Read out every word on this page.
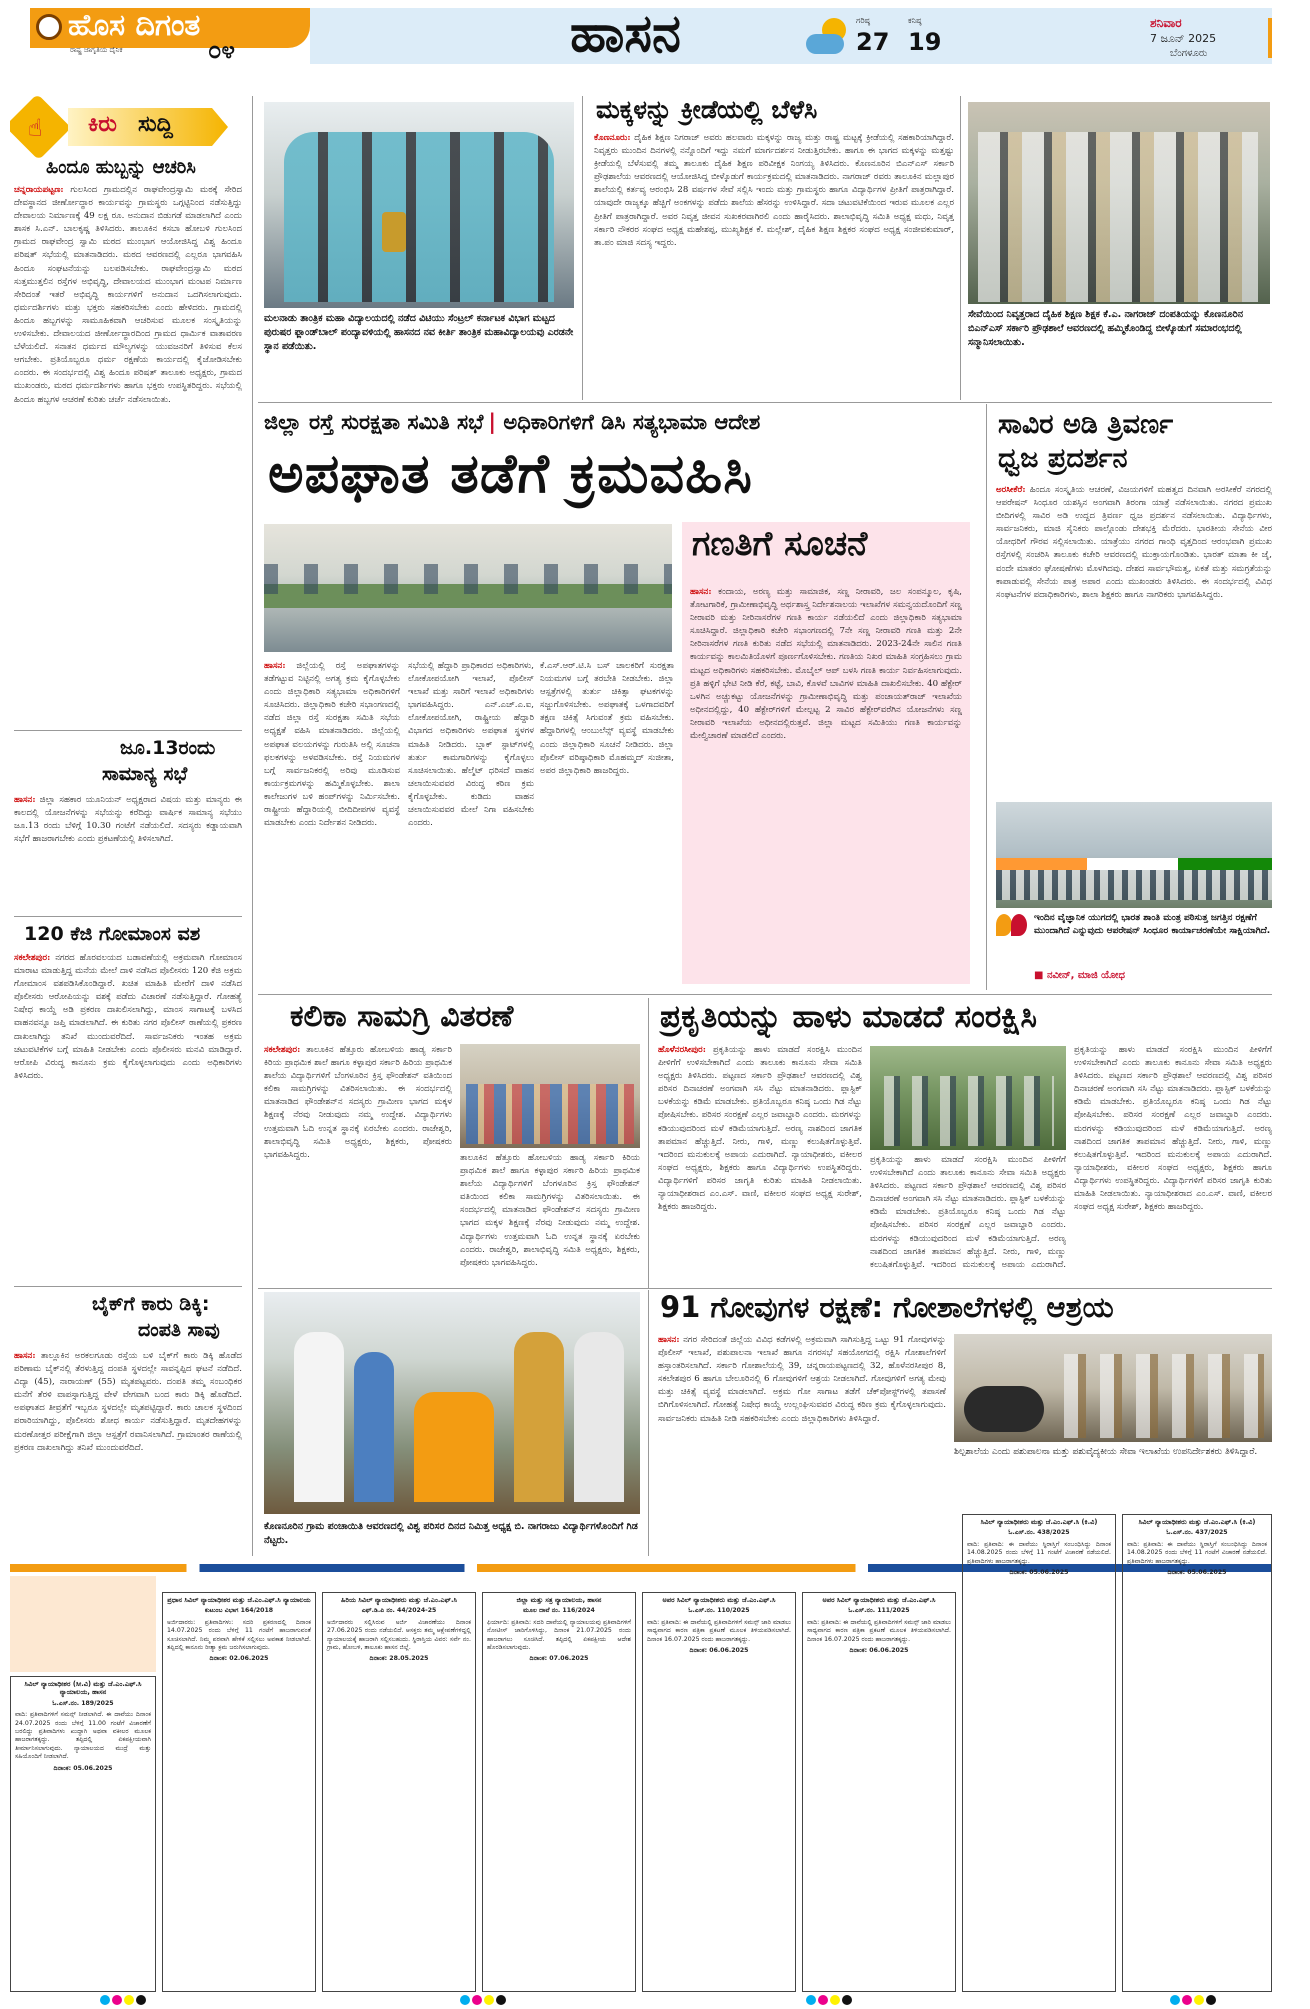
ಹೊಸ ದಿಗಂತ
ರಾಷ್ಟ್ರ ಜಾಗೃತಿಯ ದೈನಿಕ	೦೪	ಹಾಸನ	ಗರಿಷ್ಠ
27
ಕನಿಷ್ಠ
19
ಶನಿವಾರ
7 ಜೂನ್ 2025
ಬೆಂಗಳೂರು
☝ ಕಿರು ಸುದ್ದಿ
ಹಿಂದೂ ಹುಬ್ಬನ್ನು ಆಚರಿಸಿ
ಚನ್ನರಾಯಪಟ್ಟಣ: ಗುಲಸಿಂದ ಗ್ರಾಮದಲ್ಲಿನ ರಾಘವೇಂದ್ರಸ್ವಾಮಿ ಮಠಕ್ಕೆ ಸೇರಿದ ದೇವಸ್ಥಾನದ ಜೀರ್ಣೋದ್ಧಾರ ಕಾರ್ಯವನ್ನು ಗ್ರಾಮಸ್ಥರು ಒಗ್ಗಟ್ಟಿನಿಂದ ನಡೆಸುತ್ತಿದ್ದು ದೇವಾಲಯ ನಿರ್ಮಾಣಕ್ಕೆ 49 ಲಕ್ಷ ರೂ. ಅನುದಾನ ಬಿಡುಗಡೆ ಮಾಡಲಾಗಿದೆ ಎಂದು ಶಾಸಕ ಸಿ.ಎನ್. ಬಾಲಕೃಷ್ಣ ತಿಳಿಸಿದರು. ತಾಲೂಕಿನ ಕಸಬಾ ಹೋಬಳಿ ಗುಲಸಿಂದ ಗ್ರಾಮದ ರಾಘವೇಂದ್ರ ಸ್ವಾಮಿ ಮಠದ ಮುಂಭಾಗ ಆಯೋಜಿಸಿದ್ದ ವಿಶ್ವ ಹಿಂದೂ ಪರಿಷತ್ ಸಭೆಯಲ್ಲಿ ಮಾತನಾಡಿದರು. ಮಠದ ಆವರಣದಲ್ಲಿ ಎಲ್ಲರೂ ಭಾಗವಹಿಸಿ ಹಿಂದೂ ಸಂಘಟನೆಯನ್ನು ಬಲಪಡಿಸಬೇಕು. ರಾಘವೇಂದ್ರಸ್ವಾಮಿ ಮಠದ ಸುತ್ತಮುತ್ತಲಿನ ರಸ್ತೆಗಳ ಅಭಿವೃದ್ಧಿ, ದೇವಾಲಯದ ಮುಂಭಾಗ ಮಂಟಪ ನಿರ್ಮಾಣ ಸೇರಿದಂತೆ ಇತರೆ ಅಭಿವೃದ್ಧಿ ಕಾರ್ಯಗಳಿಗೆ ಅನುದಾನ ಒದಗಿಸಲಾಗುವುದು. ಧರ್ಮದರ್ಶಿಗಳು ಮತ್ತು ಭಕ್ತರು ಸಹಕರಿಸಬೇಕು ಎಂದು ಹೇಳಿದರು. ಗ್ರಾಮದಲ್ಲಿ ಹಿಂದೂ ಹಬ್ಬಗಳನ್ನು ಸಾಮೂಹಿಕವಾಗಿ ಆಚರಿಸುವ ಮೂಲಕ ಸಂಸ್ಕೃತಿಯನ್ನು ಉಳಿಸಬೇಕು. ದೇವಾಲಯದ ಜೀರ್ಣೋದ್ಧಾರದಿಂದ ಗ್ರಾಮದ ಧಾರ್ಮಿಕ ವಾತಾವರಣ ಬೆಳೆಯಲಿದೆ. ಸನಾತನ ಧರ್ಮದ ಮೌಲ್ಯಗಳನ್ನು ಯುವಜನರಿಗೆ ತಿಳಿಸುವ ಕೆಲಸ ಆಗಬೇಕು. ಪ್ರತಿಯೊಬ್ಬರೂ ಧರ್ಮ ರಕ್ಷಣೆಯ ಕಾರ್ಯದಲ್ಲಿ ಕೈಜೋಡಿಸಬೇಕು ಎಂದರು. ಈ ಸಂದರ್ಭದಲ್ಲಿ ವಿಶ್ವ ಹಿಂದೂ ಪರಿಷತ್ ತಾಲೂಕು ಅಧ್ಯಕ್ಷರು, ಗ್ರಾಮದ ಮುಖಂಡರು, ಮಠದ ಧರ್ಮದರ್ಶಿಗಳು ಹಾಗೂ ಭಕ್ತರು ಉಪಸ್ಥಿತರಿದ್ದರು. ಸಭೆಯಲ್ಲಿ ಹಿಂದೂ ಹಬ್ಬಗಳ ಆಚರಣೆ ಕುರಿತು ಚರ್ಚೆ ನಡೆಸಲಾಯಿತು.
ಜೂ.13ರಂದು
ಸಾಮಾನ್ಯ ಸಭೆ
ಹಾಸನ: ಜಿಲ್ಲಾ ಸಹಕಾರ ಯೂನಿಯನ್ ಅಧ್ಯಕ್ಷರಾದ ವಿಷಯ ಮತ್ತು ಮಾನ್ಯರು ಈ ಕಾಲದಲ್ಲಿ ಯೋಜನೆಗಳನ್ನು ಸಭೆಯನ್ನು ಕರೆದಿದ್ದು ವಾರ್ಷಿಕ ಸಾಮಾನ್ಯ ಸಭೆಯು ಜೂ.13 ರಂದು ಬೆಳಿಗ್ಗೆ 10.30 ಗಂಟೆಗೆ ನಡೆಯಲಿದೆ. ಸದಸ್ಯರು ಕಡ್ಡಾಯವಾಗಿ ಸಭೆಗೆ ಹಾಜರಾಗಬೇಕು ಎಂದು ಪ್ರಕಟಣೆಯಲ್ಲಿ ತಿಳಿಸಲಾಗಿದೆ.
120 ಕೆಜಿ ಗೋಮಾಂಸ ವಶ
ಸಕಲೇಶಪುರ: ನಗರದ ಹೊರವಲಯದ ಬಡಾವಣೆಯಲ್ಲಿ ಅಕ್ರಮವಾಗಿ ಗೋಮಾಂಸ ಮಾರಾಟ ಮಾಡುತ್ತಿದ್ದ ಮನೆಯ ಮೇಲೆ ದಾಳಿ ನಡೆಸಿದ ಪೊಲೀಸರು 120 ಕೆಜಿ ಅಕ್ರಮ ಗೋಮಾಂಸ ವಶಪಡಿಸಿಕೊಂಡಿದ್ದಾರೆ. ಖಚಿತ ಮಾಹಿತಿ ಮೇರೆಗೆ ದಾಳಿ ನಡೆಸಿದ ಪೊಲೀಸರು ಆರೋಪಿಯನ್ನು ವಶಕ್ಕೆ ಪಡೆದು ವಿಚಾರಣೆ ನಡೆಸುತ್ತಿದ್ದಾರೆ. ಗೋಹತ್ಯೆ ನಿಷೇಧ ಕಾಯ್ದೆ ಅಡಿ ಪ್ರಕರಣ ದಾಖಲಿಸಲಾಗಿದ್ದು, ಮಾಂಸ ಸಾಗಾಟಕ್ಕೆ ಬಳಸಿದ ವಾಹನವನ್ನೂ ಜಪ್ತಿ ಮಾಡಲಾಗಿದೆ. ಈ ಕುರಿತು ನಗರ ಪೊಲೀಸ್ ಠಾಣೆಯಲ್ಲಿ ಪ್ರಕರಣ ದಾಖಲಾಗಿದ್ದು ತನಿಖೆ ಮುಂದುವರೆದಿದೆ. ಸಾರ್ವಜನಿಕರು ಇಂತಹ ಅಕ್ರಮ ಚಟುವಟಿಕೆಗಳ ಬಗ್ಗೆ ಮಾಹಿತಿ ನೀಡಬೇಕು ಎಂದು ಪೊಲೀಸರು ಮನವಿ ಮಾಡಿದ್ದಾರೆ. ಆರೋಪಿ ವಿರುದ್ಧ ಕಾನೂನು ಕ್ರಮ ಕೈಗೊಳ್ಳಲಾಗುವುದು ಎಂದು ಅಧಿಕಾರಿಗಳು ತಿಳಿಸಿದರು.
ಬೈಕ್‌ಗೆ ಕಾರು ಡಿಕ್ಕಿ:
ದಂಪತಿ ಸಾವು
ಹಾಸನ: ತಾಲ್ಲೂಕಿನ ಅರಕಲಗೂಡು ರಸ್ತೆಯ ಬಳಿ ಬೈಕ್‌ಗೆ ಕಾರು ಡಿಕ್ಕಿ ಹೊಡೆದ ಪರಿಣಾಮ ಬೈಕ್‌ನಲ್ಲಿ ತೆರಳುತ್ತಿದ್ದ ದಂಪತಿ ಸ್ಥಳದಲ್ಲೇ ಸಾವನ್ನಪ್ಪಿದ ಘಟನೆ ನಡೆದಿದೆ. ವಿದ್ಯಾ (45), ನಾರಾಯಣ್ (55) ಮೃತಪಟ್ಟವರು. ದಂಪತಿ ತಮ್ಮ ಸಂಬಂಧಿಕರ ಮನೆಗೆ ತೆರಳಿ ವಾಪಸ್ಸಾಗುತ್ತಿದ್ದ ವೇಳೆ ವೇಗವಾಗಿ ಬಂದ ಕಾರು ಡಿಕ್ಕಿ ಹೊಡೆದಿದೆ. ಅಪಘಾತದ ತೀವ್ರತೆಗೆ ಇಬ್ಬರೂ ಸ್ಥಳದಲ್ಲೇ ಮೃತಪಟ್ಟಿದ್ದಾರೆ. ಕಾರು ಚಾಲಕ ಸ್ಥಳದಿಂದ ಪರಾರಿಯಾಗಿದ್ದು, ಪೊಲೀಸರು ಶೋಧ ಕಾರ್ಯ ನಡೆಸುತ್ತಿದ್ದಾರೆ. ಮೃತದೇಹಗಳನ್ನು ಮರಣೋತ್ತರ ಪರೀಕ್ಷೆಗಾಗಿ ಜಿಲ್ಲಾ ಆಸ್ಪತ್ರೆಗೆ ರವಾನಿಸಲಾಗಿದೆ. ಗ್ರಾಮಾಂತರ ಠಾಣೆಯಲ್ಲಿ ಪ್ರಕರಣ ದಾಖಲಾಗಿದ್ದು ತನಿಖೆ ಮುಂದುವರೆದಿದೆ.
ಮಲನಾಡು ತಾಂತ್ರಿಕ ಮಹಾ ವಿದ್ಯಾಲಯದಲ್ಲಿ ನಡೆದ ವಿಟಿಯು ಸೆಂಟ್ರಲ್ ಕರ್ನಾಟಕ ವಿಭಾಗ ಮಟ್ಟದ ಪುರುಷರ ಫ್ಲಾಂಡ್‌ಬಾಲ್ ಪಂದ್ಯಾವಳಿಯಲ್ಲಿ ಹಾಸನದ ನವ ಕೀರ್ತಿ ತಾಂತ್ರಿಕ ಮಹಾವಿದ್ಯಾಲಯವು ಎರಡನೇ ಸ್ಥಾನ ಪಡೆಯಿತು.
ಮಕ್ಕಳನ್ನು ಕ್ರೀಡೆಯಲ್ಲಿ ಬೆಳೆಸಿ
ಕೊಣನೂರು: ದೈಹಿಕ ಶಿಕ್ಷಣ ನಿಗರಾಜ್ ಅವರು ಹಲವಾರು ಮಕ್ಕಳನ್ನು ರಾಜ್ಯ ಮತ್ತು ರಾಷ್ಟ್ರ ಮಟ್ಟಕ್ಕೆ ಕ್ರೀಡೆಯಲ್ಲಿ ಸಹಕಾರಿಯಾಗಿದ್ದಾರೆ. ನಿವೃತ್ತರು ಮುಂದಿನ ದಿನಗಳಲ್ಲಿ ನನ್ನೊಂದಿಗೆ ಇದ್ದು ನಮಗೆ ಮಾರ್ಗದರ್ಶನ ನೀಡುತ್ತಿರಬೇಕು. ಹಾಗೂ ಈ ಭಾಗದ ಮಕ್ಕಳನ್ನು ಮತ್ತಷ್ಟು ಕ್ರೀಡೆಯಲ್ಲಿ ಬೆಳೆಸುವಲ್ಲಿ ತಮ್ಮ ತಾಲೂಕು ದೈಹಿಕ ಶಿಕ್ಷಣ ಪರಿವೀಕ್ಷಕ ನಿಂಗಯ್ಯ ತಿಳಿಸಿದರು. ಕೊಣನೂರಿನ ಬಿಎನ್‌ಎಸ್ ಸರ್ಕಾರಿ ಪ್ರೌಢಶಾಲೆಯ ಆವರಣದಲ್ಲಿ ಆಯೋಜಿಸಿದ್ದ ಬೀಳ್ಕೊಡುಗೆ ಕಾರ್ಯಕ್ರಮದಲ್ಲಿ ಮಾತನಾಡಿದರು. ನಾಗರಾಜ್ ರವರು ತಾಲೂಕಿನ ಮಲ್ಲಾಪುರ ಶಾಲೆಯಲ್ಲಿ ಕರ್ತವ್ಯ ಆರಂಭಿಸಿ 28 ವರ್ಷಗಳ ಸೇವೆ ಸಲ್ಲಿಸಿ ಇಂದು ಮತ್ತು ಗ್ರಾಮಸ್ಥರು ಹಾಗೂ ವಿದ್ಯಾರ್ಥಿಗಳ ಪ್ರೀತಿಗೆ ಪಾತ್ರರಾಗಿದ್ದಾರೆ. ಯಾವುದೇ ರಾಜ್ಯಕ್ಕೂ ಹೆಚ್ಚಿಗೆ ಅಂಕಗಳನ್ನು ಪಡೆದು ಶಾಲೆಯ ಹೆಸರನ್ನು ಉಳಿಸಿದ್ದಾರೆ. ಸದಾ ಚಟುವಟಿಕೆಯಿಂದ ಇರುವ ಮೂಲಕ ಎಲ್ಲರ ಪ್ರೀತಿಗೆ ಪಾತ್ರರಾಗಿದ್ದಾರೆ. ಅವರ ನಿವೃತ್ತ ಜೀವನ ಸುಖಕರವಾಗಿರಲಿ ಎಂದು ಹಾರೈಸಿದರು. ಶಾಲಾಭಿವೃದ್ಧಿ ಸಮಿತಿ ಅಧ್ಯಕ್ಷ ಮಧು, ನಿವೃತ್ತ ಸರ್ಕಾರಿ ನೌಕರರ ಸಂಘದ ಅಧ್ಯಕ್ಷ ಮಹೇಶಪ್ಪ, ಮುಖ್ಯಶಿಕ್ಷಕ ಕೆ. ಮಲ್ಲೇಶ್, ದೈಹಿಕ ಶಿಕ್ಷಣ ಶಿಕ್ಷಕರ ಸಂಘದ ಅಧ್ಯಕ್ಷ ಸಂಜೀವಕುಮಾರ್, ತಾ.ಪಂ ಮಾಜಿ ಸದಸ್ಯ ಇದ್ದರು.
ಸೇವೆಯಿಂದ ನಿವೃತ್ತರಾದ ದೈಹಿಕ ಶಿಕ್ಷಣ ಶಿಕ್ಷಕ ಕೆ.ಎ. ನಾಗರಾಜ್ ದಂಪತಿಯನ್ನು ಕೊಣನೂರಿನ ಬಿಎನ್‌ಎಸ್ ಸರ್ಕಾರಿ ಪ್ರೌಢಶಾಲೆ ಆವರಣದಲ್ಲಿ ಹಮ್ಮಿಕೊಂಡಿದ್ದ ಬೀಳ್ಕೊಡುಗೆ ಸಮಾರಂಭದಲ್ಲಿ ಸನ್ಮಾನಿಸಲಾಯಿತು.
ಜಿಲ್ಲಾ ರಸ್ತೆ ಸುರಕ್ಷತಾ ಸಮಿತಿ ಸಭೆ | ಅಧಿಕಾರಿಗಳಿಗೆ ಡಿಸಿ ಸತ್ಯಭಾಮಾ ಆದೇಶ
ಅಪಘಾತ ತಡೆಗೆ ಕ್ರಮವಹಿಸಿ
ಹಾಸನ: ಜಿಲ್ಲೆಯಲ್ಲಿ ರಸ್ತೆ ಅಪಘಾತಗಳನ್ನು ತಡೆಗಟ್ಟುವ ನಿಟ್ಟಿನಲ್ಲಿ ಅಗತ್ಯ ಕ್ರಮ ಕೈಗೊಳ್ಳಬೇಕು ಎಂದು ಜಿಲ್ಲಾಧಿಕಾರಿ ಸತ್ಯಭಾಮಾ ಅಧಿಕಾರಿಗಳಿಗೆ ಸೂಚಿಸಿದರು. ಜಿಲ್ಲಾಧಿಕಾರಿ ಕಚೇರಿ ಸಭಾಂಗಣದಲ್ಲಿ ನಡೆದ ಜಿಲ್ಲಾ ರಸ್ತೆ ಸುರಕ್ಷತಾ ಸಮಿತಿ ಸಭೆಯ ಅಧ್ಯಕ್ಷತೆ ವಹಿಸಿ ಮಾತನಾಡಿದರು. ಜಿಲ್ಲೆಯಲ್ಲಿ ಅಪಘಾತ ವಲಯಗಳನ್ನು ಗುರುತಿಸಿ ಅಲ್ಲಿ ಸೂಚನಾ ಫಲಕಗಳನ್ನು ಅಳವಡಿಸಬೇಕು. ರಸ್ತೆ ನಿಯಮಗಳ ಬಗ್ಗೆ ಸಾರ್ವಜನಿಕರಲ್ಲಿ ಅರಿವು ಮೂಡಿಸುವ ಕಾರ್ಯಕ್ರಮಗಳನ್ನು ಹಮ್ಮಿಕೊಳ್ಳಬೇಕು. ಶಾಲಾ ಕಾಲೇಜುಗಳ ಬಳಿ ಹಂಪ್‌ಗಳನ್ನು ನಿರ್ಮಿಸಬೇಕು. ರಾಷ್ಟ್ರೀಯ ಹೆದ್ದಾರಿಯಲ್ಲಿ ಬೀದಿದೀಪಗಳ ವ್ಯವಸ್ಥೆ ಮಾಡಬೇಕು ಎಂದು ನಿರ್ದೇಶನ ನೀಡಿದರು.
ಸಭೆಯಲ್ಲಿ ಹೆದ್ದಾರಿ ಪ್ರಾಧಿಕಾರದ ಅಧಿಕಾರಿಗಳು, ಲೋಕೋಪಯೋಗಿ ಇಲಾಖೆ, ಪೊಲೀಸ್ ಇಲಾಖೆ ಮತ್ತು ಸಾರಿಗೆ ಇಲಾಖೆ ಅಧಿಕಾರಿಗಳು ಭಾಗವಹಿಸಿದ್ದರು. ಎನ್.ಎಚ್.ಎ.ಐ, ಲೋಕೋಪಯೋಗಿ, ರಾಷ್ಟ್ರೀಯ ಹೆದ್ದಾರಿ ವಿಭಾಗದ ಅಧಿಕಾರಿಗಳು ಅಪಘಾತ ಸ್ಥಳಗಳ ಮಾಹಿತಿ ನೀಡಿದರು. ಬ್ಲಾಕ್ ಸ್ಪಾಟ್‌ಗಳಲ್ಲಿ ತುರ್ತು ಕಾಮಗಾರಿಗಳನ್ನು ಕೈಗೊಳ್ಳಲು ಸೂಚಿಸಲಾಯಿತು. ಹೆಲ್ಮೆಟ್ ಧರಿಸದೆ ವಾಹನ ಚಲಾಯಿಸುವವರ ವಿರುದ್ಧ ಕಠಿಣ ಕ್ರಮ ಕೈಗೊಳ್ಳಬೇಕು. ಕುಡಿದು ವಾಹನ ಚಲಾಯಿಸುವವರ ಮೇಲೆ ನಿಗಾ ವಹಿಸಬೇಕು ಎಂದರು.
ಕೆ.ಎಸ್.ಆರ್.ಟಿ.ಸಿ ಬಸ್ ಚಾಲಕರಿಗೆ ಸುರಕ್ಷತಾ ನಿಯಮಗಳ ಬಗ್ಗೆ ತರಬೇತಿ ನೀಡಬೇಕು. ಜಿಲ್ಲಾ ಆಸ್ಪತ್ರೆಗಳಲ್ಲಿ ತುರ್ತು ಚಿಕಿತ್ಸಾ ಘಟಕಗಳನ್ನು ಸಜ್ಜುಗೊಳಿಸಬೇಕು. ಅಪಘಾತಕ್ಕೆ ಒಳಗಾದವರಿಗೆ ತಕ್ಷಣ ಚಿಕಿತ್ಸೆ ಸಿಗುವಂತೆ ಕ್ರಮ ವಹಿಸಬೇಕು. ಹೆದ್ದಾರಿಗಳಲ್ಲಿ ಆಂಬುಲೆನ್ಸ್ ವ್ಯವಸ್ಥೆ ಮಾಡಬೇಕು ಎಂದು ಜಿಲ್ಲಾಧಿಕಾರಿ ಸೂಚನೆ ನೀಡಿದರು. ಜಿಲ್ಲಾ ಪೊಲೀಸ್ ವರಿಷ್ಠಾಧಿಕಾರಿ ಮೊಹಮ್ಮದ್ ಸುಜೀತಾ, ಅಪರ ಜಿಲ್ಲಾಧಿಕಾರಿ ಹಾಜರಿದ್ದರು.
ಗಣತಿಗೆ ಸೂಚನೆ
ಹಾಸನ: ಕಂದಾಯ, ಅರಣ್ಯ ಮತ್ತು ಸಾಮಾಜಿಕ, ಸಣ್ಣ ನೀರಾವರಿ, ಜಲ ಸಂಪನ್ಮೂಲ, ಕೃಷಿ, ತೋಟಗಾರಿಕೆ, ಗ್ರಾಮೀಣಾಭಿವೃದ್ಧಿ ಅರ್ಥಶಾಸ್ತ್ರ ನಿರ್ದೇಶನಾಲಯ ಇಲಾಖೆಗಳ ಸಮನ್ವಯದೊಂದಿಗೆ ಸಣ್ಣ ನೀರಾವರಿ ಮತ್ತು ನೀರಿನಾಸರೆಗಳ ಗಣತಿ ಕಾರ್ಯ ನಡೆಯಲಿದೆ ಎಂದು ಜಿಲ್ಲಾಧಿಕಾರಿ ಸತ್ಯಭಾಮಾ ಸೂಚಿಸಿದ್ದಾರೆ. ಜಿಲ್ಲಾಧಿಕಾರಿ ಕಚೇರಿ ಸಭಾಂಗಣದಲ್ಲಿ 7ನೇ ಸಣ್ಣ ನೀರಾವರಿ ಗಣತಿ ಮತ್ತು 2ನೇ ನೀರಿನಾಸರೆಗಳ ಗಣತಿ ಕುರಿತು ನಡೆದ ಸಭೆಯಲ್ಲಿ ಮಾತನಾಡಿದರು. 2023-24ನೇ ಸಾಲಿನ ಗಣತಿ ಕಾರ್ಯವನ್ನು ಕಾಲಮಿತಿಯೊಳಗೆ ಪೂರ್ಣಗೊಳಿಸಬೇಕು. ಗಣತಿಯ ನಿಖರ ಮಾಹಿತಿ ಸಂಗ್ರಹಿಸಲು ಗ್ರಾಮ ಮಟ್ಟದ ಅಧಿಕಾರಿಗಳು ಸಹಕರಿಸಬೇಕು. ಮೊಬೈಲ್ ಆಪ್ ಬಳಸಿ ಗಣತಿ ಕಾರ್ಯ ನಿರ್ವಹಿಸಲಾಗುವುದು. ಪ್ರತಿ ಹಳ್ಳಿಗೆ ಭೇಟಿ ನೀಡಿ ಕೆರೆ, ಕಟ್ಟೆ, ಬಾವಿ, ಕೊಳವೆ ಬಾವಿಗಳ ಮಾಹಿತಿ ದಾಖಲಿಸಬೇಕು. 40 ಹೆಕ್ಟೇರ್ ಒಳಗಿನ ಅಚ್ಚುಕಟ್ಟು ಯೋಜನೆಗಳನ್ನು ಗ್ರಾಮೀಣಾಭಿವೃದ್ಧಿ ಮತ್ತು ಪಂಚಾಯತ್‌ರಾಜ್ ಇಲಾಖೆಯ ಅಧೀನದಲ್ಲಿದ್ದು, 40 ಹೆಕ್ಟೇರ್‌ಗಳಿಗೆ ಮೇಲ್ಪಟ್ಟ 2 ಸಾವಿರ ಹೆಕ್ಟೇರ್‌ವರೆಗಿನ ಯೋಜನೆಗಳು ಸಣ್ಣ ನೀರಾವರಿ ಇಲಾಖೆಯ ಅಧೀನದಲ್ಲಿರುತ್ತವೆ. ಜಿಲ್ಲಾ ಮಟ್ಟದ ಸಮಿತಿಯು ಗಣತಿ ಕಾರ್ಯವನ್ನು ಮೇಲ್ವಿಚಾರಣೆ ಮಾಡಲಿದೆ ಎಂದರು.
ಸಾವಿರ ಅಡಿ ತ್ರಿವರ್ಣ
ಧ್ವಜ ಪ್ರದರ್ಶನ
ಅರಸೀಕೆರೆ: ಹಿಂದೂ ಸಂಸ್ಕೃತಿಯ ಆಚರಣೆ, ವಿಜಯಗಳಿಗೆ ಮಹತ್ವದ ದಿನವಾಗಿ ಅರಸೀಕೆರೆ ನಗರದಲ್ಲಿ ಆಪರೇಷನ್ ಸಿಂಧೂರ ಯಶಸ್ಸಿನ ಅಂಗವಾಗಿ ತಿರಂಗಾ ಯಾತ್ರೆ ನಡೆಸಲಾಯಿತು. ನಗರದ ಪ್ರಮುಖ ಬೀದಿಗಳಲ್ಲಿ ಸಾವಿರ ಅಡಿ ಉದ್ದದ ತ್ರಿವರ್ಣ ಧ್ವಜ ಪ್ರದರ್ಶನ ನಡೆಸಲಾಯಿತು. ವಿದ್ಯಾರ್ಥಿಗಳು, ಸಾರ್ವಜನಿಕರು, ಮಾಜಿ ಸೈನಿಕರು ಪಾಲ್ಗೊಂಡು ದೇಶಭಕ್ತಿ ಮೆರೆದರು. ಭಾರತೀಯ ಸೇನೆಯ ವೀರ ಯೋಧರಿಗೆ ಗೌರವ ಸಲ್ಲಿಸಲಾಯಿತು. ಯಾತ್ರೆಯು ನಗರದ ಗಾಂಧಿ ವೃತ್ತದಿಂದ ಆರಂಭವಾಗಿ ಪ್ರಮುಖ ರಸ್ತೆಗಳಲ್ಲಿ ಸಂಚರಿಸಿ ತಾಲೂಕು ಕಚೇರಿ ಆವರಣದಲ್ಲಿ ಮುಕ್ತಾಯಗೊಂಡಿತು. ಭಾರತ್ ಮಾತಾ ಕೀ ಜೈ, ವಂದೇ ಮಾತರಂ ಘೋಷಣೆಗಳು ಮೊಳಗಿದವು. ದೇಶದ ಸಾರ್ವಭೌಮತ್ವ, ಏಕತೆ ಮತ್ತು ಸಮಗ್ರತೆಯನ್ನು ಕಾಪಾಡುವಲ್ಲಿ ಸೇನೆಯ ಪಾತ್ರ ಅಪಾರ ಎಂದು ಮುಖಂಡರು ತಿಳಿಸಿದರು. ಈ ಸಂದರ್ಭದಲ್ಲಿ ವಿವಿಧ ಸಂಘಟನೆಗಳ ಪದಾಧಿಕಾರಿಗಳು, ಶಾಲಾ ಶಿಕ್ಷಕರು ಹಾಗೂ ನಾಗರಿಕರು ಭಾಗವಹಿಸಿದ್ದರು.
ಇಂದಿನ ವೈಜ್ಞಾನಿಕ ಯುಗದಲ್ಲಿ ಭಾರತ ಶಾಂತಿ ಮಂತ್ರ ಪಠಿಸುತ್ತ ಜಗತ್ತಿನ ರಕ್ಷಣೆಗೆ ಮುಂದಾಗಿದೆ ಎನ್ನುವುದು ಆಪರೇಷನ್ ಸಿಂಧೂರ ಕಾರ್ಯಾಚರಣೆಯೇ ಸಾಕ್ಷಿಯಾಗಿದೆ.
■ ನವೀನ್, ಮಾಜಿ ಯೋಧ
ಕಲಿಕಾ ಸಾಮಗ್ರಿ ವಿತರಣೆ
ಸಕಲೇಶಪುರ: ತಾಲೂಕಿನ ಹೆತ್ತೂರು ಹೋಬಳಿಯ ಹಾಡ್ಯ ಸರ್ಕಾರಿ ಕಿರಿಯ ಪ್ರಾಥಮಿಕ ಶಾಲೆ ಹಾಗೂ ಕಳ್ಳಾಪುರ ಸರ್ಕಾರಿ ಹಿರಿಯ ಪ್ರಾಥಮಿಕ ಶಾಲೆಯ ವಿದ್ಯಾರ್ಥಿಗಳಿಗೆ ಬೆಂಗಳೂರಿನ ಕ್ರಿಸ್ತ ಫೌಂಡೇಶನ್ ವತಿಯಿಂದ ಕಲಿಕಾ ಸಾಮಗ್ರಿಗಳನ್ನು ವಿತರಿಸಲಾಯಿತು. ಈ ಸಂದರ್ಭದಲ್ಲಿ ಮಾತನಾಡಿದ ಫೌಂಡೇಶನ್‌ನ ಸದಸ್ಯರು ಗ್ರಾಮೀಣ ಭಾಗದ ಮಕ್ಕಳ ಶಿಕ್ಷಣಕ್ಕೆ ನೆರವು ನೀಡುವುದು ನಮ್ಮ ಉದ್ದೇಶ. ವಿದ್ಯಾರ್ಥಿಗಳು ಉತ್ತಮವಾಗಿ ಓದಿ ಉನ್ನತ ಸ್ಥಾನಕ್ಕೆ ಏರಬೇಕು ಎಂದರು. ರಾಜೇಶ್ವರಿ, ಶಾಲಾಭಿವೃದ್ಧಿ ಸಮಿತಿ ಅಧ್ಯಕ್ಷರು, ಶಿಕ್ಷಕರು, ಪೋಷಕರು ಭಾಗವಹಿಸಿದ್ದರು.	ತಾಲೂಕಿನ ಹೆತ್ತೂರು ಹೋಬಳಿಯ ಹಾಡ್ಯ ಸರ್ಕಾರಿ ಕಿರಿಯ ಪ್ರಾಥಮಿಕ ಶಾಲೆ ಹಾಗೂ ಕಳ್ಳಾಪುರ ಸರ್ಕಾರಿ ಹಿರಿಯ ಪ್ರಾಥಮಿಕ ಶಾಲೆಯ ವಿದ್ಯಾರ್ಥಿಗಳಿಗೆ ಬೆಂಗಳೂರಿನ ಕ್ರಿಸ್ತ ಫೌಂಡೇಶನ್ ವತಿಯಿಂದ ಕಲಿಕಾ ಸಾಮಗ್ರಿಗಳನ್ನು ವಿತರಿಸಲಾಯಿತು. ಈ ಸಂದರ್ಭದಲ್ಲಿ ಮಾತನಾಡಿದ ಫೌಂಡೇಶನ್‌ನ ಸದಸ್ಯರು ಗ್ರಾಮೀಣ ಭಾಗದ ಮಕ್ಕಳ ಶಿಕ್ಷಣಕ್ಕೆ ನೆರವು ನೀಡುವುದು ನಮ್ಮ ಉದ್ದೇಶ. ವಿದ್ಯಾರ್ಥಿಗಳು ಉತ್ತಮವಾಗಿ ಓದಿ ಉನ್ನತ ಸ್ಥಾನಕ್ಕೆ ಏರಬೇಕು ಎಂದರು. ರಾಜೇಶ್ವರಿ, ಶಾಲಾಭಿವೃದ್ಧಿ ಸಮಿತಿ ಅಧ್ಯಕ್ಷರು, ಶಿಕ್ಷಕರು, ಪೋಷಕರು ಭಾಗವಹಿಸಿದ್ದರು.
ಪ್ರಕೃತಿಯನ್ನು ಹಾಳು ಮಾಡದೆ ಸಂರಕ್ಷಿಸಿ
ಹೊಳೆನರಸೀಪುರ: ಪ್ರಕೃತಿಯನ್ನು ಹಾಳು ಮಾಡದೆ ಸಂರಕ್ಷಿಸಿ ಮುಂದಿನ ಪೀಳಿಗೆಗೆ ಉಳಿಸಬೇಕಾಗಿದೆ ಎಂದು ತಾಲೂಕು ಕಾನೂನು ಸೇವಾ ಸಮಿತಿ ಅಧ್ಯಕ್ಷರು ತಿಳಿಸಿದರು. ಪಟ್ಟಣದ ಸರ್ಕಾರಿ ಪ್ರೌಢಶಾಲೆ ಆವರಣದಲ್ಲಿ ವಿಶ್ವ ಪರಿಸರ ದಿನಾಚರಣೆ ಅಂಗವಾಗಿ ಸಸಿ ನೆಟ್ಟು ಮಾತನಾಡಿದರು. ಪ್ಲಾಸ್ಟಿಕ್ ಬಳಕೆಯನ್ನು ಕಡಿಮೆ ಮಾಡಬೇಕು. ಪ್ರತಿಯೊಬ್ಬರೂ ಕನಿಷ್ಠ ಒಂದು ಗಿಡ ನೆಟ್ಟು ಪೋಷಿಸಬೇಕು. ಪರಿಸರ ಸಂರಕ್ಷಣೆ ಎಲ್ಲರ ಜವಾಬ್ದಾರಿ ಎಂದರು. ಮರಗಳನ್ನು ಕಡಿಯುವುದರಿಂದ ಮಳೆ ಕಡಿಮೆಯಾಗುತ್ತಿದೆ. ಅರಣ್ಯ ನಾಶದಿಂದ ಜಾಗತಿಕ ತಾಪಮಾನ ಹೆಚ್ಚುತ್ತಿದೆ. ನೀರು, ಗಾಳಿ, ಮಣ್ಣು ಕಲುಷಿತಗೊಳ್ಳುತ್ತಿವೆ. ಇದರಿಂದ ಮನುಕುಲಕ್ಕೆ ಅಪಾಯ ಎದುರಾಗಿದೆ. ನ್ಯಾಯಾಧೀಶರು, ವಕೀಲರ ಸಂಘದ ಅಧ್ಯಕ್ಷರು, ಶಿಕ್ಷಕರು ಹಾಗೂ ವಿದ್ಯಾರ್ಥಿಗಳು ಉಪಸ್ಥಿತರಿದ್ದರು. ವಿದ್ಯಾರ್ಥಿಗಳಿಗೆ ಪರಿಸರ ಜಾಗೃತಿ ಕುರಿತು ಮಾಹಿತಿ ನೀಡಲಾಯಿತು. ನ್ಯಾಯಾಧೀಶರಾದ ಎಂ.ಎಸ್. ವಾಣಿ, ವಕೀಲರ ಸಂಘದ ಅಧ್ಯಕ್ಷ ಸುರೇಶ್, ಶಿಕ್ಷಕರು ಹಾಜರಿದ್ದರು.
ಪ್ರಕೃತಿಯನ್ನು ಹಾಳು ಮಾಡದೆ ಸಂರಕ್ಷಿಸಿ ಮುಂದಿನ ಪೀಳಿಗೆಗೆ ಉಳಿಸಬೇಕಾಗಿದೆ ಎಂದು ತಾಲೂಕು ಕಾನೂನು ಸೇವಾ ಸಮಿತಿ ಅಧ್ಯಕ್ಷರು ತಿಳಿಸಿದರು. ಪಟ್ಟಣದ ಸರ್ಕಾರಿ ಪ್ರೌಢಶಾಲೆ ಆವರಣದಲ್ಲಿ ವಿಶ್ವ ಪರಿಸರ ದಿನಾಚರಣೆ ಅಂಗವಾಗಿ ಸಸಿ ನೆಟ್ಟು ಮಾತನಾಡಿದರು. ಪ್ಲಾಸ್ಟಿಕ್ ಬಳಕೆಯನ್ನು ಕಡಿಮೆ ಮಾಡಬೇಕು. ಪ್ರತಿಯೊಬ್ಬರೂ ಕನಿಷ್ಠ ಒಂದು ಗಿಡ ನೆಟ್ಟು ಪೋಷಿಸಬೇಕು. ಪರಿಸರ ಸಂರಕ್ಷಣೆ ಎಲ್ಲರ ಜವಾಬ್ದಾರಿ ಎಂದರು. ಮರಗಳನ್ನು ಕಡಿಯುವುದರಿಂದ ಮಳೆ ಕಡಿಮೆಯಾಗುತ್ತಿದೆ. ಅರಣ್ಯ ನಾಶದಿಂದ ಜಾಗತಿಕ ತಾಪಮಾನ ಹೆಚ್ಚುತ್ತಿದೆ. ನೀರು, ಗಾಳಿ, ಮಣ್ಣು ಕಲುಷಿತಗೊಳ್ಳುತ್ತಿವೆ. ಇದರಿಂದ ಮನುಕುಲಕ್ಕೆ ಅಪಾಯ ಎದುರಾಗಿದೆ.
ಪ್ರಕೃತಿಯನ್ನು ಹಾಳು ಮಾಡದೆ ಸಂರಕ್ಷಿಸಿ ಮುಂದಿನ ಪೀಳಿಗೆಗೆ ಉಳಿಸಬೇಕಾಗಿದೆ ಎಂದು ತಾಲೂಕು ಕಾನೂನು ಸೇವಾ ಸಮಿತಿ ಅಧ್ಯಕ್ಷರು ತಿಳಿಸಿದರು. ಪಟ್ಟಣದ ಸರ್ಕಾರಿ ಪ್ರೌಢಶಾಲೆ ಆವರಣದಲ್ಲಿ ವಿಶ್ವ ಪರಿಸರ ದಿನಾಚರಣೆ ಅಂಗವಾಗಿ ಸಸಿ ನೆಟ್ಟು ಮಾತನಾಡಿದರು. ಪ್ಲಾಸ್ಟಿಕ್ ಬಳಕೆಯನ್ನು ಕಡಿಮೆ ಮಾಡಬೇಕು. ಪ್ರತಿಯೊಬ್ಬರೂ ಕನಿಷ್ಠ ಒಂದು ಗಿಡ ನೆಟ್ಟು ಪೋಷಿಸಬೇಕು. ಪರಿಸರ ಸಂರಕ್ಷಣೆ ಎಲ್ಲರ ಜವಾಬ್ದಾರಿ ಎಂದರು. ಮರಗಳನ್ನು ಕಡಿಯುವುದರಿಂದ ಮಳೆ ಕಡಿಮೆಯಾಗುತ್ತಿದೆ. ಅರಣ್ಯ ನಾಶದಿಂದ ಜಾಗತಿಕ ತಾಪಮಾನ ಹೆಚ್ಚುತ್ತಿದೆ. ನೀರು, ಗಾಳಿ, ಮಣ್ಣು ಕಲುಷಿತಗೊಳ್ಳುತ್ತಿವೆ. ಇದರಿಂದ ಮನುಕುಲಕ್ಕೆ ಅಪಾಯ ಎದುರಾಗಿದೆ. ನ್ಯಾಯಾಧೀಶರು, ವಕೀಲರ ಸಂಘದ ಅಧ್ಯಕ್ಷರು, ಶಿಕ್ಷಕರು ಹಾಗೂ ವಿದ್ಯಾರ್ಥಿಗಳು ಉಪಸ್ಥಿತರಿದ್ದರು. ವಿದ್ಯಾರ್ಥಿಗಳಿಗೆ ಪರಿಸರ ಜಾಗೃತಿ ಕುರಿತು ಮಾಹಿತಿ ನೀಡಲಾಯಿತು. ನ್ಯಾಯಾಧೀಶರಾದ ಎಂ.ಎಸ್. ವಾಣಿ, ವಕೀಲರ ಸಂಘದ ಅಧ್ಯಕ್ಷ ಸುರೇಶ್, ಶಿಕ್ಷಕರು ಹಾಜರಿದ್ದರು.
ಕೊಣನೂರಿನ ಗ್ರಾಮ ಪಂಚಾಯಿತಿ ಆವರಣದಲ್ಲಿ ವಿಶ್ವ ಪರಿಸರ ದಿನದ ನಿಮಿತ್ತ ಅಧ್ಯಕ್ಷ ಬಿ. ನಾಗರಾಜು ವಿದ್ಯಾರ್ಥಿಗಳೊಂದಿಗೆ ಗಿಡ ನೆಟ್ಟರು.
91 ಗೋವುಗಳ ರಕ್ಷಣೆ: ಗೋಶಾಲೆಗಳಲ್ಲಿ ಆಶ್ರಯ
ಹಾಸನ: ನಗರ ಸೇರಿದಂತೆ ಜಿಲ್ಲೆಯ ವಿವಿಧ ಕಡೆಗಳಲ್ಲಿ ಅಕ್ರಮವಾಗಿ ಸಾಗಿಸುತ್ತಿದ್ದ ಒಟ್ಟು 91 ಗೋವುಗಳನ್ನು ಪೊಲೀಸ್ ಇಲಾಖೆ, ಪಶುಪಾಲನಾ ಇಲಾಖೆ ಹಾಗೂ ನಗರಸಭೆ ಸಹಯೋಗದಲ್ಲಿ ರಕ್ಷಿಸಿ ಗೋಶಾಲೆಗಳಿಗೆ ಹಸ್ತಾಂತರಿಸಲಾಗಿದೆ. ಸರ್ಕಾರಿ ಗೋಶಾಲೆಯಲ್ಲಿ 39, ಚನ್ನರಾಯಪಟ್ಟಣದಲ್ಲಿ 32, ಹೊಳೆನರಸೀಪುರ 8, ಸಕಲೇಶಪುರ 6 ಹಾಗೂ ಬೇಲೂರಿನಲ್ಲಿ 6 ಗೋವುಗಳಿಗೆ ಆಶ್ರಯ ನೀಡಲಾಗಿದೆ. ಗೋವುಗಳಿಗೆ ಅಗತ್ಯ ಮೇವು ಮತ್ತು ಚಿಕಿತ್ಸೆ ವ್ಯವಸ್ಥೆ ಮಾಡಲಾಗಿದೆ. ಅಕ್ರಮ ಗೋ ಸಾಗಾಟ ತಡೆಗೆ ಚೆಕ್‌ಪೋಸ್ಟ್‌ಗಳಲ್ಲಿ ತಪಾಸಣೆ ಬಿಗಿಗೊಳಿಸಲಾಗಿದೆ. ಗೋಹತ್ಯೆ ನಿಷೇಧ ಕಾಯ್ದೆ ಉಲ್ಲಂಘಿಸುವವರ ವಿರುದ್ಧ ಕಠಿಣ ಕ್ರಮ ಕೈಗೊಳ್ಳಲಾಗುವುದು. ಸಾರ್ವಜನಿಕರು ಮಾಹಿತಿ ನೀಡಿ ಸಹಕರಿಸಬೇಕು ಎಂದು ಜಿಲ್ಲಾಧಿಕಾರಿಗಳು ತಿಳಿಸಿದ್ದಾರೆ.
ಶಿಲ್ಪಶಾಲೆಯ ಎಂದು ಪಶುಪಾಲನಾ ಮತ್ತು ಪಶುವೈದ್ಯಕೀಯ ಸೇವಾ ಇಲಾಖೆಯ ಉಪನಿರ್ದೇಶಕರು ತಿಳಿಸಿದ್ದಾರೆ.
ಸಿವಿಲ್ ನ್ಯಾಯಾಧೀಶರ (ಸೀ.ವಿ) ಮತ್ತು ಜೆ.ಎಂ.ಎಫ್.ಸಿ ನ್ಯಾಯಾಲಯ, ಹಾಸನ
ಓ.ಎಸ್.ನಂ. 189/2025
ವಾದಿ: ಪ್ರತಿವಾದಿಗಳಿಗೆ ಸಮನ್ಸ್ ನೀಡಲಾಗಿದೆ. ಈ ದಾವೆಯು ದಿನಾಂಕ 24.07.2025 ರಂದು ಬೆಳಿಗ್ಗೆ 11.00 ಗಂಟೆಗೆ ವಿಚಾರಣೆಗೆ ಬರಲಿದ್ದು ಪ್ರತಿವಾದಿಗಳು ಖುದ್ದಾಗಿ ಅಥವಾ ವಕೀಲರ ಮೂಲಕ ಹಾಜರಾಗತಕ್ಕದ್ದು. ತಪ್ಪಿದಲ್ಲಿ ಏಕಪಕ್ಷೀಯವಾಗಿ ತೀರ್ಮಾನಿಸಲಾಗುವುದು. ನ್ಯಾಯಾಲಯದ ಮುದ್ರೆ ಮತ್ತು ಸಹಿಯೊಂದಿಗೆ ನೀಡಲಾಗಿದೆ.
ದಿನಾಂಕ: 05.06.2025
ಪ್ರಧಾನ ಸಿವಿಲ್ ನ್ಯಾಯಾಧೀಶರ ಮತ್ತು ಜೆ.ಎಂ.ಎಫ್.ಸಿ ನ್ಯಾಯಾಲಯ
ಕುಟುಂಬ ವಿಭಾಗ 164/2018
ಅರ್ಜಿದಾರರು: ಪ್ರತಿವಾದಿಗಳು: ಸದರಿ ಪ್ರಕರಣದಲ್ಲಿ ದಿನಾಂಕ 14.07.2025 ರಂದು ಬೆಳಿಗ್ಗೆ 11 ಗಂಟೆಗೆ ಹಾಜರಾಗುವಂತೆ ಸೂಚಿಸಲಾಗಿದೆ. ನಿಮ್ಮ ಪರವಾಗಿ ಹೇಳಿಕೆ ಸಲ್ಲಿಸಲು ಅವಕಾಶ ನೀಡಲಾಗಿದೆ. ತಪ್ಪಿದಲ್ಲಿ ಕಾನೂನು ರೀತ್ಯಾ ಕ್ರಮ ಜರುಗಿಸಲಾಗುವುದು.
ದಿನಾಂಕ: 02.06.2025
ಹಿರಿಯ ಸಿವಿಲ್ ನ್ಯಾಯಾಧೀಶರು ಮತ್ತು ಜೆ.ಎಂ.ಎಫ್.ಸಿ
ಎಫ್.ಡಿ.ಪಿ ನಂ. 44/2024-25
ಅರ್ಜಿದಾರರು ಸಲ್ಲಿಸಿರುವ ಅರ್ಜಿ ವಿಚಾರಣೆಯು ದಿನಾಂಕ 27.06.2025 ರಂದು ನಡೆಯಲಿದೆ. ಆಸಕ್ತರು ತಮ್ಮ ಆಕ್ಷೇಪಣೆಗಳಿದ್ದಲ್ಲಿ ನ್ಯಾಯಾಲಯಕ್ಕೆ ಹಾಜರಾಗಿ ಸಲ್ಲಿಸಬಹುದು. ಸ್ಥಿರಾಸ್ತಿಯ ವಿವರ: ಸರ್ವೆ ನಂ. ಗ್ರಾಮ, ಹೋಬಳಿ, ತಾಲೂಕು ಹಾಸನ ಜಿಲ್ಲೆ.
ದಿನಾಂಕ: 28.05.2025
ಜಿಲ್ಲಾ ಮತ್ತು ಸತ್ರ ನ್ಯಾಯಾಲಯ, ಹಾಸನ
ಮೂಲ ದಾವೆ ನಂ. 116/2024
ಫಿರ್ಯಾದಿ: ಪ್ರತಿವಾದಿ: ಸದರಿ ದಾವೆಯಲ್ಲಿ ನ್ಯಾಯಾಲಯವು ಪ್ರತಿವಾದಿಗಳಿಗೆ ನೋಟೀಸ್ ಜಾರಿಗೊಳಿಸಿದ್ದು, ದಿನಾಂಕ 21.07.2025 ರಂದು ಹಾಜರಾಗಲು ಸೂಚಿಸಿದೆ. ತಪ್ಪಿದಲ್ಲಿ ಏಕಪಕ್ಷೀಯ ಆದೇಶ ಹೊರಡಿಸಲಾಗುವುದು.
ದಿನಾಂಕ: 07.06.2025
ಅಪರ ಸಿವಿಲ್ ನ್ಯಾಯಾಧೀಶರು ಮತ್ತು ಜೆ.ಎಂ.ಎಫ್.ಸಿ
ಓ.ಎಸ್.ನಂ. 110/2025
ವಾದಿ: ಪ್ರತಿವಾದಿ: ಈ ದಾವೆಯಲ್ಲಿ ಪ್ರತಿವಾದಿಗಳಿಗೆ ಸಮನ್ಸ್ ಜಾರಿ ಮಾಡಲು ಸಾಧ್ಯವಾಗದ ಕಾರಣ ಪತ್ರಿಕಾ ಪ್ರಕಟಣೆ ಮೂಲಕ ತಿಳಿಯಪಡಿಸಲಾಗಿದೆ. ದಿನಾಂಕ 16.07.2025 ರಂದು ಹಾಜರಾಗತಕ್ಕದ್ದು.
ದಿನಾಂಕ: 06.06.2025
ಅಪರ ಸಿವಿಲ್ ನ್ಯಾಯಾಧೀಶರು ಮತ್ತು ಜೆ.ಎಂ.ಎಫ್.ಸಿ
ಓ.ಎಸ್.ನಂ. 111/2025
ವಾದಿ: ಪ್ರತಿವಾದಿ: ಈ ದಾವೆಯಲ್ಲಿ ಪ್ರತಿವಾದಿಗಳಿಗೆ ಸಮನ್ಸ್ ಜಾರಿ ಮಾಡಲು ಸಾಧ್ಯವಾಗದ ಕಾರಣ ಪತ್ರಿಕಾ ಪ್ರಕಟಣೆ ಮೂಲಕ ತಿಳಿಯಪಡಿಸಲಾಗಿದೆ. ದಿನಾಂಕ 16.07.2025 ರಂದು ಹಾಜರಾಗತಕ್ಕದ್ದು.
ದಿನಾಂಕ: 06.06.2025
ಸಿವಿಲ್ ನ್ಯಾಯಾಧೀಶರು ಮತ್ತು ಜೆ.ಎಂ.ಎಫ್.ಸಿ (ಕಿ.ವಿ)
ಓ.ಎಸ್.ನಂ. 438/2025
ವಾದಿ: ಪ್ರತಿವಾದಿ: ಈ ದಾವೆಯು ಸ್ಥಿರಾಸ್ತಿಗೆ ಸಂಬಂಧಿಸಿದ್ದು ದಿನಾಂಕ 14.08.2025 ರಂದು ಬೆಳಿಗ್ಗೆ 11 ಗಂಟೆಗೆ ವಿಚಾರಣೆ ನಡೆಯಲಿದೆ. ಪ್ರತಿವಾದಿಗಳು ಹಾಜರಾಗತಕ್ಕದ್ದು.
ದಿನಾಂಕ: 05.06.2025
ಸಿವಿಲ್ ನ್ಯಾಯಾಧೀಶರು ಮತ್ತು ಜೆ.ಎಂ.ಎಫ್.ಸಿ (ಕಿ.ವಿ)
ಓ.ಎಸ್.ನಂ. 437/2025
ವಾದಿ: ಪ್ರತಿವಾದಿ: ಈ ದಾವೆಯು ಸ್ಥಿರಾಸ್ತಿಗೆ ಸಂಬಂಧಿಸಿದ್ದು ದಿನಾಂಕ 14.08.2025 ರಂದು ಬೆಳಿಗ್ಗೆ 11 ಗಂಟೆಗೆ ವಿಚಾರಣೆ ನಡೆಯಲಿದೆ. ಪ್ರತಿವಾದಿಗಳು ಹಾಜರಾಗತಕ್ಕದ್ದು.
ದಿನಾಂಕ: 05.06.2025
